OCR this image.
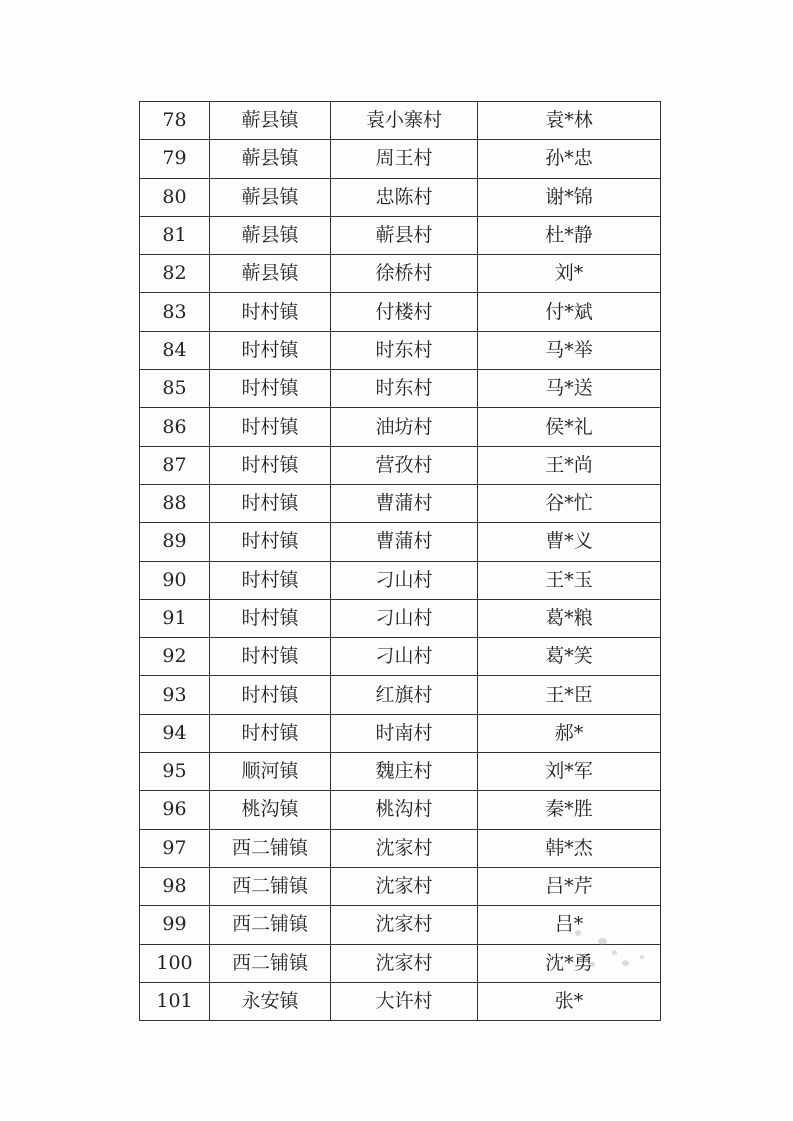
78	蕲县镇	袁小寨村	袁*林
79	蕲县镇	周王村	孙*忠
80	蕲县镇	忠陈村	谢*锦
81	蕲县镇	蕲县村	杜*静
82	蕲县镇	徐桥村	刘*
83	时村镇	付楼村	付*斌
84	时村镇	时东村	马*举
85	时村镇	时东村	马*送
86	时村镇	油坊村	侯*礼
87	时村镇	营孜村	王*尚
88	时村镇	曹蒲村	谷*忙
89	时村镇	曹蒲村	曹*义
90	时村镇	刁山村	王*玉
91	时村镇	刁山村	葛*粮
92	时村镇	刁山村	葛*笑
93	时村镇	红旗村	王*臣
94	时村镇	时南村	郝*
95	顺河镇	魏庄村	刘*军
96	桃沟镇	桃沟村	秦*胜
97	西二铺镇	沈家村	韩*杰
98	西二铺镇	沈家村	吕*芹
99	西二铺镇	沈家村	吕*
100	西二铺镇	沈家村	沈*勇
101	永安镇	大许村	张*
